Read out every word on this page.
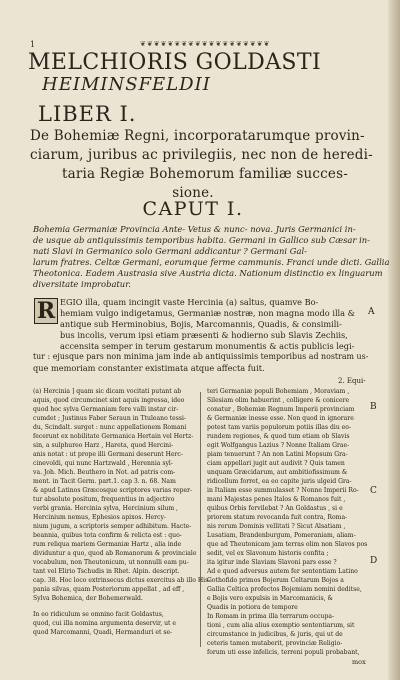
1	❦❦❦❦❦❦❦❦❦❦❦❦❦❦❦❦❦❦❦
MELCHIORIS GOLDASTI
HEIMINSFELDII
LIBER I.
De Bohemiæ Regni, incorporatarumque provin-
ciarum, juribus ac privilegiis, nec non de heredi-
taria Regiæ Bohemorum familiæ succes-
sione.
CAPUT I.
Bohemia Germaniæ Provincia Ante- Vetus & nunc- nova. Juris Germanici in-
de usque ab antiquissimis temporibus habita. Germani in Gallico sub Cæsar in-
nati Slavi in Germanico solo Germani addicantur ? Germani Gal-
larum fratres. Celtæ Germani, eorumque ferme cammunis. Franci unde dicti. Gallia
Theotonica. Eadem Austrasia sive Austria dicta. Nationum distinctio ex linguarum
diversitate improbatur.
R EGIO illa, quam incingit vaste Hercinia (a) saltus, quamve Bo-
hemiam vulgo indigetamus, Germaniæ nostræ, non magna modo illa &
antique sub Herminobius, Bojis, Marcomannis, Quadis, & consimili-
bus incolis, verum ipsi etiam præsenti & hodierno sub Slavis Zechiis,
accensita semper in terum gestarum monumentis & actis publicis legi-
tur : ejusque pars non minima jam inde ab antiquissimis temporibus ad nostram us-
que memoriam constanter existimata atque affecta fuit.
A
2. Equi-
(a) Hercinia ] quam sic dicam vocitati putant ab
aquis, quod circumcinet sint aquis ingressa, ideo
quod hoc sylva Germaniam fere valli instar cir-
cumdet ; Justinus Faber Seraun in Ttuleano tessi-
du, Scindalt. surget : nunc appellationem Romani
fecerunt ex nobilitate Germanica Hertain vel Hertz-
sin, a sulphureo Harz , Hareta, quod Hercini-
anis notat : ut prope illi Germani deserunt Herc-
cinevoldi, qui nunc Hartzwald , Herennia syl-
va. Joh. Mich. Beuthero in Not. ad patris com-
ment. in Tacit Germ. part.1. cap 3. n. 68. Nam
& apud Latinos Græcosque scriptores varias reper-
tur absolute positum, frequentius in adjectivo
verbi grania. Hercinia sylva, Hercinium silum ,
Hercinium nemus, Ephesios apixos. Hercy-
nium jugum, a scriptoris semper adhibitum. Hacte-
beannia, quibus tota confirm & relicta est : quo-
rum reliqua mariem Germaniæ Hartz , alia inde
dividuntur a quo, quod ab Romanorum & provinciale
vocabulum, non Theutonicum, ut nonnulli eam pu-
tant vel Elirio Tschudis in Rhet. Alpin. descript.
cap. 38. Hoc loco extrinsecus dictus exercitus ab illo His-
pania silvas, quam Posteriorum appellat , ad eff ,
Sylva Bohemica, der Bohemerwald.
In eo ridiculum se omnino facit Goldastus,
quod, cui illa nomina argumenta deservir, ut e
quod Marcomanni, Quadi, Hermanduri et se-
teri Germaniæ populi Bohemiam , Moraviam ,
Silesiam olim habuerint , colligere & conicere
conatur , Bohemiæ Regnum Imperii provinciam
& Germaniæ inesse esse. Non quod in ignorare
potest tam variis populorum potiis illas diu eo-
rundem regiones, & quod tum etiam ob Slavis
egit Wolfgangus Lazius ? Nonne Italiam Grae-
piam tenuerunt ? An non Latini Mopsum Gra-
ciam appellari jugit aut audivit ? Quis tamen
unquam Græcidarum, aut ambitiofissimum &
ridicellum forret, ea eo capite juris ulgeid Gra-
in Italiam esse summulasset ? Nonne Imperii Ro-
mani Majestas penes Italos & Romanos fuit ,
quibus Orbis fervilebat ? An Goldastus , si e
priorem statum revocanda fuit contra, Roma-
nis rerum Dominis vellitati ? Sicut Alsatiam ,
Lusatiam, Brandenburgum, Pomeraniam, aliam-
que ad Theutonicam jam terras olim non Slavos pos
sedit, vel ex Slavonum historis confita ;
ita igitur inde Slaviam Slavoni pars esse ?
Ad e quod adversus autem fer sententiam Latino
Gothofido primos Bojerum Celtarum Bojos a
Gallia Celtica profectos Bojemiam nomini deditse,
e Bojis vero expulsis in Marcomanicis, &
Quadis in potiora de tempore
In Romam in prima illa terrarum occupa-
tioni , cum alia alius exemptio sententiarum, sit
circumstance in judicibus, & juris, qui ut de
ceteris tamen mutaberit, provinciæ Religio-
forum uti esse infelicis, terreni populi probabant,
mox
B
C
D
